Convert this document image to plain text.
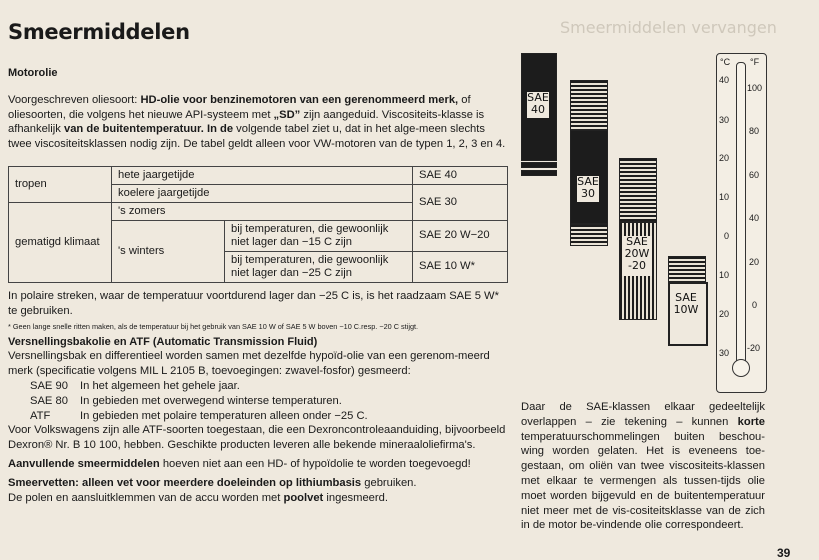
Smeermiddelen vervangen
Smeermiddelen
Motorolie

Voorgeschreven oliesoort: HD-olie voor benzinemotoren van een gerenommeerd merk, of oliesoorten, die volgens het nieuwe API-systeem met „SD” zijn aangeduid. Viscositeits-klasse is afhankelijk van de buitentemperatuur. In de volgende tabel ziet u, dat in het alge-meen slechts twee viscositeitsklassen nodig zijn. De tabel geldt alleen voor VW-motoren van de typen 1, 2, 3 en 4.

tropen	hete jaargetijde		SAE 40
	koelere jaargetijde		SAE 30
gematigd klimaat	's zomers		
	's winters	bij temperaturen, die gewoonlijk niet lager dan −15 C zijn	SAE 20 W−20
		bij temperaturen, die gewoonlijk niet lager dan −25 C zijn	SAE 10 W*

In polaire streken, waar de temperatuur voortdurend lager dan −25 C is, is het raadzaam SAE 5 W* te gebruiken.

* Geen lange snelle ritten maken, als de temperatuur bij het gebruik van SAE 10 W of SAE 5 W boven −10 C.resp. −20 C stijgt.

Versnellingsbakolie en ATF (Automatic Transmission Fluid)

Versnellingsbak en differentieel worden samen met dezelfde hypoïd-olie van een gerenom-meerd merk (specificatie volgens MIL L 2105 B, toevoegingen: zwavel-fosfor) gesmeerd:

SAE 90	In het algemeen het gehele jaar.
SAE 80	In gebieden met overwegend winterse temperaturen.
ATF	In gebieden met polaire temperaturen alleen onder −25 C.

Voor Volkswagens zijn alle ATF-soorten toegestaan, die een Dexroncontroleaanduiding, bijvoorbeeld Dexron® Nr. B 10 100, hebben. Geschikte producten leveren alle bekende mineraaloliefirma's.

Aanvullende smeermiddelen hoeven niet aan een HD- of hypoïdolie te worden toegevoegd!

Smeervetten: alleen vet voor meerdere doeleinden op lithiumbasis gebruiken.

De polen en aansluitklemmen van de accu worden met poolvet ingesmeerd.

SAE 40
SAE 30
SAE 20W -20
SAE 10W
°C °F
40
30
20
10
0
10
20
30
100
80
60
40
20
0
-20
Daar de SAE-klassen elkaar gedeeltelijk overlappen – zie tekening – kunnen korte temperatuurschommelingen buiten beschou-wing worden gelaten. Het is eveneens toe-gestaan, om oliën van twee viscositeits-klassen met elkaar te vermengen als tussen-tijds olie moet worden bijgevuld en de buitentemperatuur niet meer met de vis-cositeitsklasse van de zich in de motor be-vindende olie correspondeert.
39
